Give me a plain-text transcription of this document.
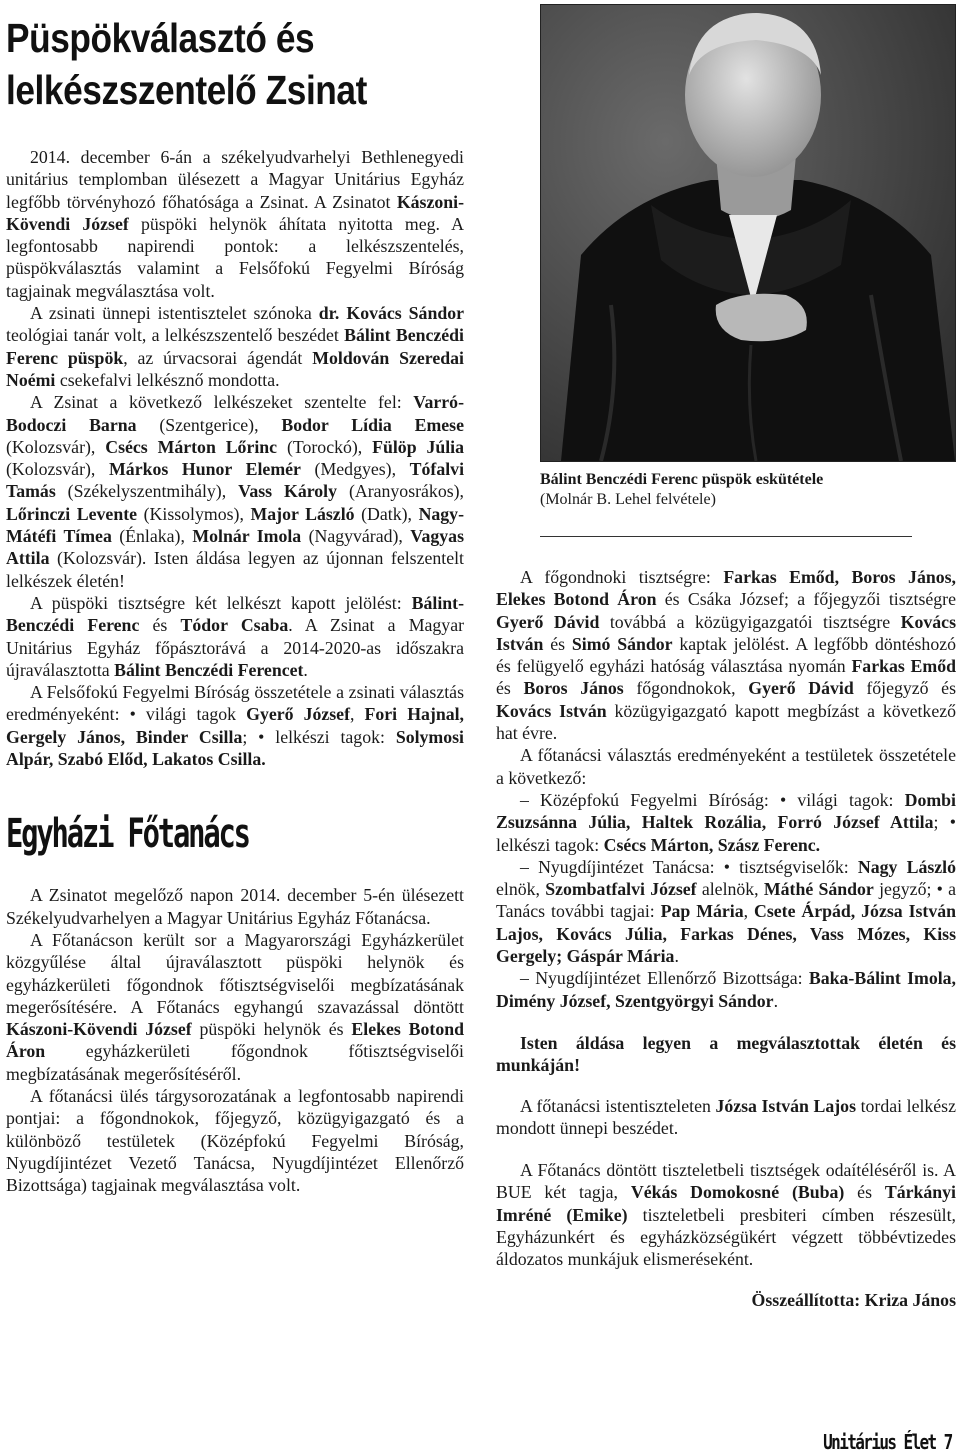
Püspökválasztó és
lelkészszentelő Zsinat

2014. december 6-án a székelyudvarhelyi Bethlenegyedi unitárius templomban ülésezett a Magyar Unitárius Egyház legfőbb törvényhozó főhatósága a Zsinat. A Zsinatot Kászoni-Kövendi József püspöki helynök áhítata nyitotta meg. A legfontosabb napirendi pontok: a lelkészszentelés, püspökválasztás valamint a Felsőfokú Fegyelmi Bíróság tagjainak megválasztása volt.

A zsinati ünnepi istentisztelet szónoka dr. Kovács Sándor teológiai tanár volt, a lelkészszentelő beszédet Bálint Benczédi Ferenc püspök, az úrvacsorai ágendát Moldován Szeredai Noémi csekefalvi lelkésznő mondotta.

A Zsinat a következő lelkészeket szentelte fel: Varró-Bodoczi Barna (Szentgerice), Bodor Lídia Emese (Kolozsvár), Csécs Márton Lőrinc (Torockó), Fülöp Júlia (Kolozsvár), Márkos Hunor Elemér (Medgyes), Tófalvi Tamás (Székelyszentmihály), Vass Károly (Aranyosrákos), Lőrinczi Levente (Kissolymos), Major László (Datk), Nagy-Mátéfi Tímea (Énlaka), Molnár Imola (Nagyvárad), Vagyas Attila (Kolozsvár). Isten áldása legyen az újonnan felszentelt lelkészek életén!

A püspöki tisztségre két lelkészt kapott jelölést: Bálint-Benczédi Ferenc és Tódor Csaba. A Zsinat a Magyar Unitárius Egyház főpásztorává a 2014-2020-as időszakra újraválasztotta Bálint Benczédi Ferencet.

A Felsőfokú Fegyelmi Bíróság összetétele a zsinati választás eredményeként: • világi tagok Gyerő József, Fori Hajnal, Gergely János, Binder Csilla; • lelkészi tagok: Solymosi Alpár, Szabó Előd, Lakatos Csilla.

Egyházi Főtanács

A Zsinatot megelőző napon 2014. december 5-én ülésezett Székelyudvarhelyen a Magyar Unitárius Egyház Főtanácsa.

A Főtanácson került sor a Magyarországi Egyházkerület közgyűlése által újraválasztott püspöki helynök és egyházkerületi főgondnok főtisztségviselői megbízatásának megerősítésére. A Főtanács egyhangú szavazással döntött Kászoni-Kövendi József püspöki helynök és Elekes Botond Áron egyházkerületi főgondnok főtisztségviselői megbízatásának megerősítéséről.

A főtanácsi ülés tárgysorozatának a legfontosabb napirendi pontjai: a főgondnokok, főjegyző, közügyigazgató és a különböző testületek (Középfokú Fegyelmi Bíróság, Nyugdíjintézet Vezető Tanácsa, Nyugdíjintézet Ellenőrző Bizottsága) tagjainak megválasztása volt.

Bálint Benczédi Ferenc püspök eskütétele
(Molnár B. Lehel felvétele)

A főgondnoki tisztségre: Farkas Emőd, Boros János, Elekes Botond Áron és Csáka József; a főjegyzői tisztségre Gyerő Dávid továbbá a közügyigazgatói tisztségre Kovács István és Simó Sándor kaptak jelölést. A legfőbb döntéshozó és felügyelő egyházi hatóság választása nyomán Farkas Emőd és Boros János főgondnokok, Gyerő Dávid főjegyző és Kovács István közügyigazgató kapott megbízást a következő hat évre.

A főtanácsi választás eredményeként a testületek összetétele a következő:

– Középfokú Fegyelmi Bíróság: • világi tagok: Dombi Zsuzsánna Júlia, Haltek Rozália, Forró József Attila; • lelkészi tagok: Csécs Márton, Szász Ferenc.

– Nyugdíjintézet Tanácsa: • tisztségviselők: Nagy László elnök, Szombatfalvi József alelnök, Máthé Sándor jegyző; • a Tanács további tagjai: Pap Mária, Csete Árpád, Józsa István Lajos, Kovács Júlia, Farkas Dénes, Vass Mózes, Kiss Gergely; Gáspár Mária.

– Nyugdíjintézet Ellenőrző Bizottsága: Baka-Bálint Imola, Dimény József, Szentgyörgyi Sándor.

Isten áldása legyen a megválasztottak életén és munkáján!

A főtanácsi istentiszteleten Józsa István Lajos tordai lelkész mondott ünnepi beszédet.

A Főtanács döntött tiszteletbeli tisztségek odaítéléséről is. A BUE két tagja, Vékás Domokosné (Buba) és Tárkányi Imréné (Emike) tiszteletbeli presbiteri címben részesült, Egyházunkért és egyházközségükért végzett többévtizedes áldozatos munkájuk elismeréseként.

Összeállította: Kriza János

Unitárius Élet 7
